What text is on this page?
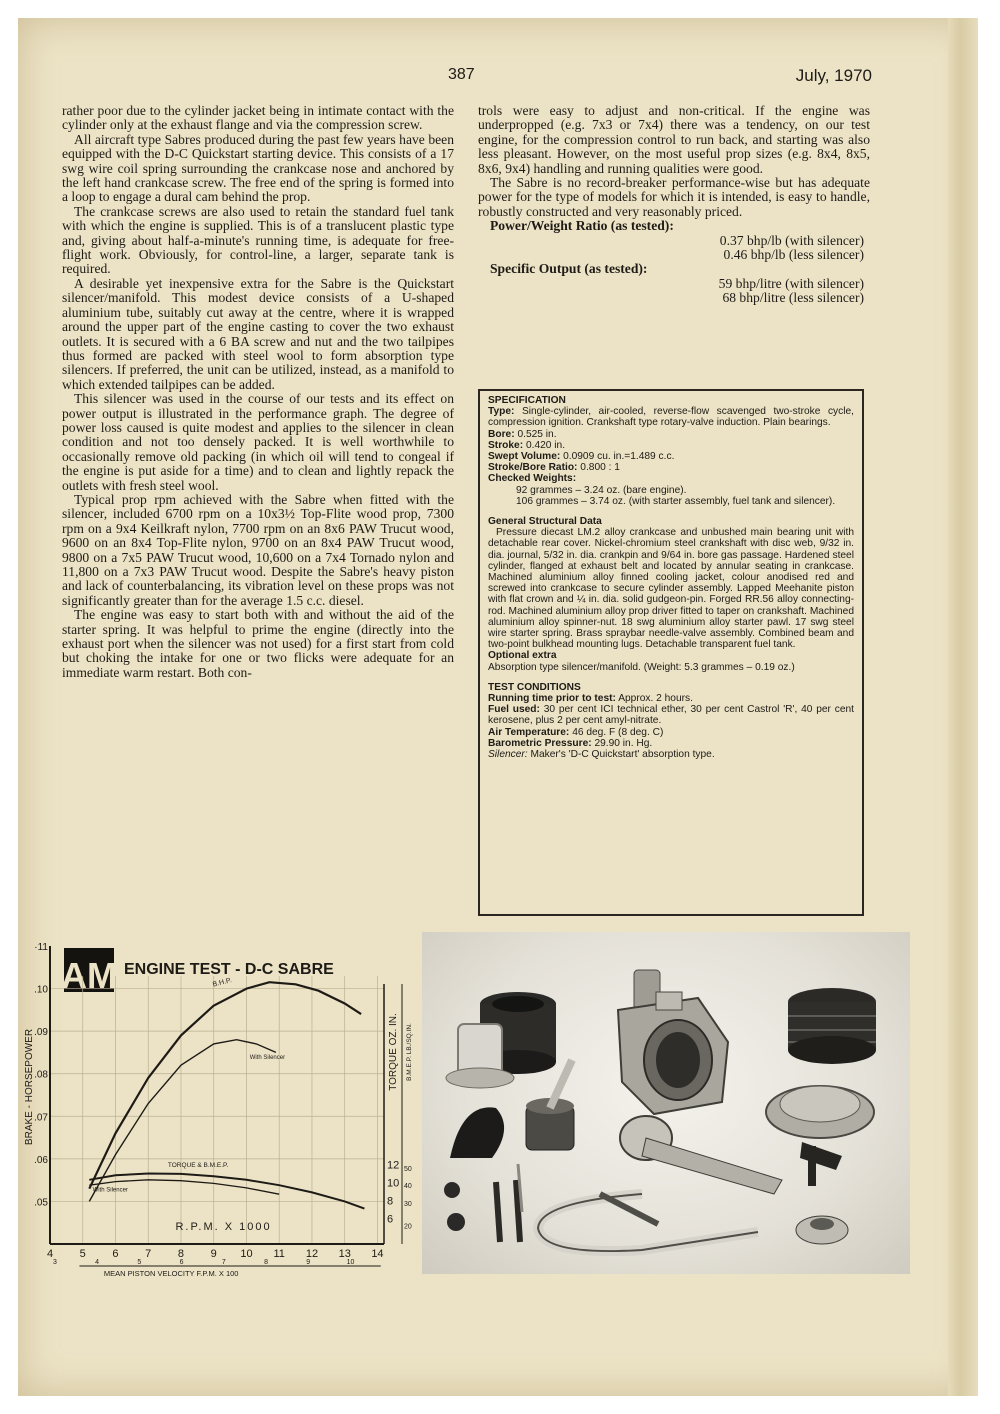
387	July, 1970

rather poor due to the cylinder jacket being in intimate contact with the cylinder only at the exhaust flange and via the compression screw.

All aircraft type Sabres produced during the past few years have been equipped with the D-C Quickstart starting device. This consists of a 17 swg wire coil spring surrounding the crankcase nose and anchored by the left hand crankcase screw. The free end of the spring is formed into a loop to engage a dural cam behind the prop.

The crankcase screws are also used to retain the standard fuel tank with which the engine is supplied. This is of a translucent plastic type and, giving about half-a-minute's running time, is adequate for free-flight work. Obviously, for control-line, a larger, separate tank is required.

A desirable yet inexpensive extra for the Sabre is the Quickstart silencer/manifold. This modest device consists of a U-shaped aluminium tube, suitably cut away at the centre, where it is wrapped around the upper part of the engine casting to cover the two exhaust outlets. It is secured with a 6 BA screw and nut and the two tailpipes thus formed are packed with steel wool to form absorption type silencers. If preferred, the unit can be utilized, instead, as a manifold to which extended tailpipes can be added.

This silencer was used in the course of our tests and its effect on power output is illustrated in the performance graph. The degree of power loss caused is quite modest and applies to the silencer in clean condition and not too densely packed. It is well worthwhile to occasionally remove old packing (in which oil will tend to congeal if the engine is put aside for a time) and to clean and lightly repack the outlets with fresh steel wool.

Typical prop rpm achieved with the Sabre when fitted with the silencer, included 6700 rpm on a 10x3½ Top-Flite wood prop, 7300 rpm on a 9x4 Keilkraft nylon, 7700 rpm on an 8x6 PAW Trucut wood, 9600 on an 8x4 Top-Flite nylon, 9700 on an 8x4 PAW Trucut wood, 9800 on a 7x5 PAW Trucut wood, 10,600 on a 7x4 Tornado nylon and 11,800 on a 7x3 PAW Trucut wood. Despite the Sabre's heavy piston and lack of counterbalancing, its vibration level on these props was not significantly greater than for the average 1.5 c.c. diesel.

The engine was easy to start both with and without the aid of the starter spring. It was helpful to prime the engine (directly into the exhaust port when the silencer was not used) for a first start from cold but choking the intake for one or two flicks were adequate for an immediate warm restart. Both con-

trols were easy to adjust and non-critical. If the engine was underpropped (e.g. 7x3 or 7x4) there was a tendency, on our test engine, for the compression control to run back, and starting was also less pleasant. However, on the most useful prop sizes (e.g. 8x4, 8x5, 8x6, 9x4) handling and running qualities were good.

The Sabre is no record-breaker performance-wise but has adequate power for the type of models for which it is intended, is easy to handle, robustly constructed and very reasonably priced.

Power/Weight Ratio (as tested):

0.37 bhp/lb (with silencer)

0.46 bhp/lb (less silencer)

Specific Output (as tested):

59 bhp/litre (with silencer)

68 bhp/litre (less silencer)

SPECIFICATION

Type: Single-cylinder, air-cooled, reverse-flow scavenged two-stroke cycle, compression ignition. Crankshaft type rotary-valve induction. Plain bearings.

Bore: 0.525 in.

Stroke: 0.420 in.

Swept Volume: 0.0909 cu. in.=1.489 c.c.

Stroke/Bore Ratio: 0.800 : 1

Checked Weights:

92 grammes – 3.24 oz. (bare engine).

106 grammes – 3.74 oz. (with starter assembly, fuel tank and silencer).

General Structural Data

Pressure diecast LM.2 alloy crankcase and unbushed main bearing unit with detachable rear cover. Nickel-chromium steel crankshaft with disc web, 9/32 in. dia. journal, 5/32 in. dia. crankpin and 9/64 in. bore gas passage. Hardened steel cylinder, flanged at exhaust belt and located by annular seating in crankcase. Machined aluminium alloy finned cooling jacket, colour anodised red and screwed into crankcase to secure cylinder assembly. Lapped Meehanite piston with flat crown and ¼ in. dia. solid gudgeon-pin. Forged RR.56 alloy connecting-rod. Machined aluminium alloy prop driver fitted to taper on crankshaft. Machined aluminium alloy spinner-nut. 18 swg aluminium alloy starter pawl. 17 swg steel wire starter spring. Brass spraybar needle-valve assembly. Combined beam and two-point bulkhead mounting lugs. Detachable transparent fuel tank.

Optional extra

Absorption type silencer/manifold. (Weight: 5.3 grammes – 0.19 oz.)

TEST CONDITIONS

Running time prior to test: Approx. 2 hours.

Fuel used: 30 per cent ICI technical ether, 30 per cent Castrol 'R', 40 per cent kerosene, plus 2 per cent amyl-nitrate.

Air Temperature: 46 deg. F (8 deg. C)

Barometric Pressure: 29.90 in. Hg.

Silencer: Maker's 'D-C Quickstart' absorption type.

AM ENGINE TEST - D-C SABRE
·11
.10
.09
.08
.07
.06
.05
12
10
8
6
50
40
30
20
4 5 6 7 8 9 10 11 12 13 14
3	4	5	6	7	8	9	10
MEAN PISTON VELOCITY F.P.M. X 100
R.P.M. X 1000
BRAKE - HORSEPOWER	TORQUE OZ. IN. B.M.E.P. LB./SQ.IN.
B.H.P.
With Silencer
TORQUE & B.M.E.P.
With Silencer
